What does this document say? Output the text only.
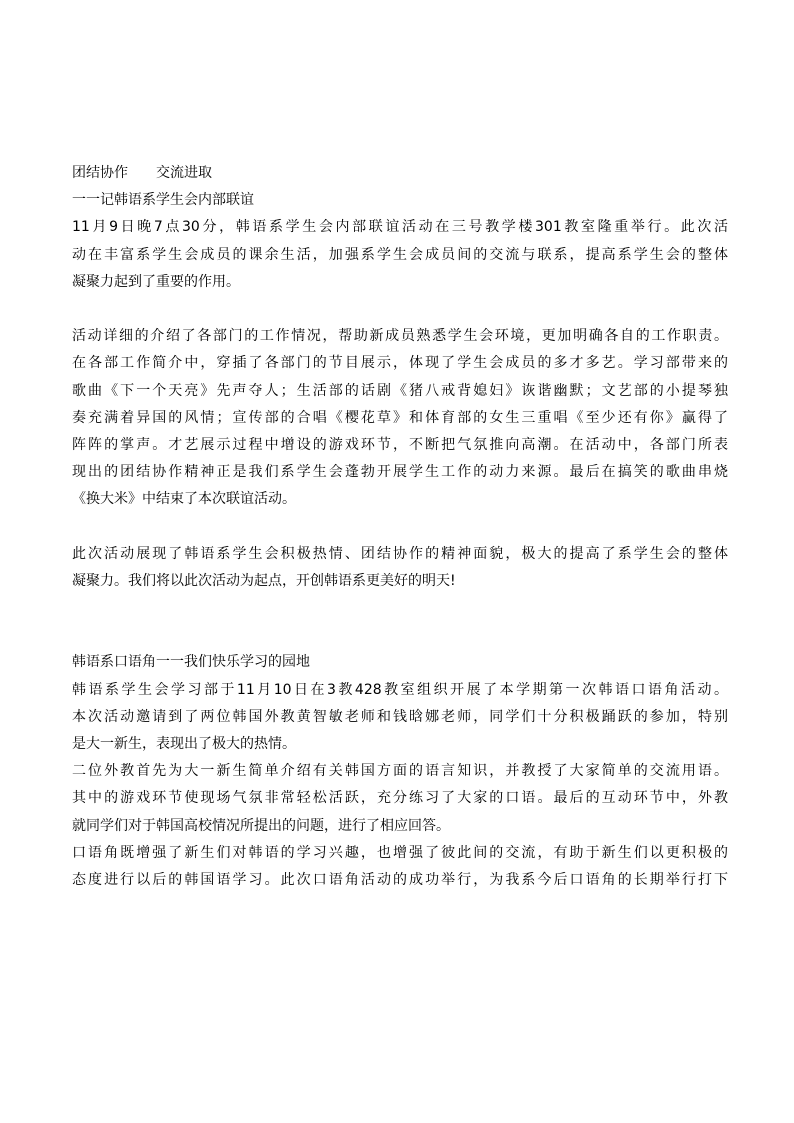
团结协作 交流进取
一一记韩语系学生会内部联谊
11月9日晚7点30分，韩语系学生会内部联谊活动在三号教学楼301教室隆重举行。此次活
动在丰富系学生会成员的课余生活，加强系学生会成员间的交流与联系，提高系学生会的整体
凝聚力起到了重要的作用。
活动详细的介绍了各部门的工作情况，帮助新成员熟悉学生会环境，更加明确各自的工作职责。
在各部工作简介中，穿插了各部门的节目展示，体现了学生会成员的多才多艺。学习部带来的
歌曲《下一个天亮》先声夺人；生活部的话剧《猪八戒背媳妇》诙谐幽默；文艺部的小提琴独
奏充满着异国的风情；宣传部的合唱《樱花草》和体育部的女生三重唱《至少还有你》赢得了
阵阵的掌声。才艺展示过程中增设的游戏环节，不断把气氛推向高潮。在活动中，各部门所表
现出的团结协作精神正是我们系学生会蓬勃开展学生工作的动力来源。最后在搞笑的歌曲串烧
《换大米》中结束了本次联谊活动。
此次活动展现了韩语系学生会积极热情、团结协作的精神面貌，极大的提高了系学生会的整体
凝聚力。我们将以此次活动为起点，开创韩语系更美好的明天!
韩语系口语角一一我们快乐学习的园地
韩语系学生会学习部于11月10日在3教428教室组织开展了本学期第一次韩语口语角活动。
本次活动邀请到了两位韩国外教黄智敏老师和钱晗娜老师，同学们十分积极踊跃的参加，特别
是大一新生，表现出了极大的热情。
二位外教首先为大一新生简单介绍有关韩国方面的语言知识，并教授了大家简单的交流用语。
其中的游戏环节使现场气氛非常轻松活跃，充分练习了大家的口语。最后的互动环节中，外教
就同学们对于韩国高校情况所提出的问题，进行了相应回答。
口语角既增强了新生们对韩语的学习兴趣，也增强了彼此间的交流，有助于新生们以更积极的
态度进行以后的韩国语学习。此次口语角活动的成功举行，为我系今后口语角的长期举行打下
